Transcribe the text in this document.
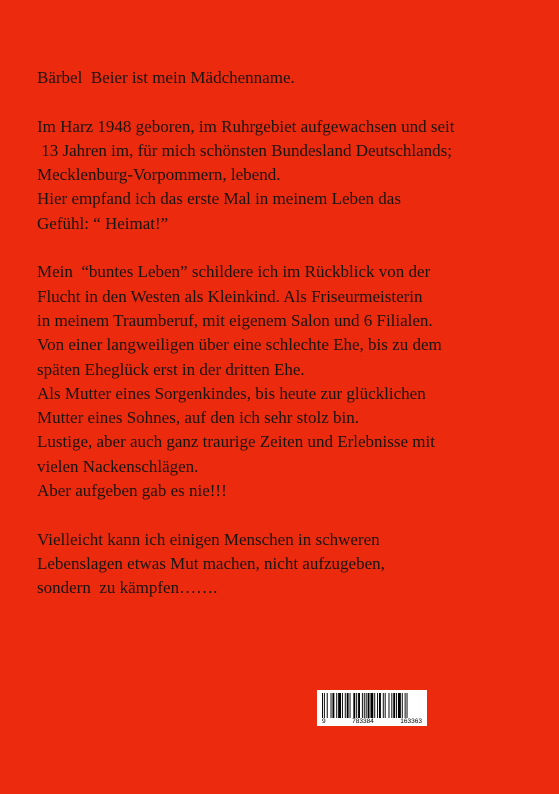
Bärbel  Beier ist mein Mädchenname.
Im Harz 1948 geboren, im Ruhrgebiet aufgewachsen und seit
13 Jahren im, für mich schönsten Bundesland Deutschlands;
Mecklenburg-Vorpommern, lebend.
Hier empfand ich das erste Mal in meinem Leben das
Gefühl: “ Heimat!”
Mein  “buntes Leben” schildere ich im Rückblick von der
Flucht in den Westen als Kleinkind. Als Friseurmeisterin
in meinem Traumberuf, mit eigenem Salon und 6 Filialen.
Von einer langweiligen über eine schlechte Ehe, bis zu dem
späten Eheglück erst in der dritten Ehe.
Als Mutter eines Sorgenkindes, bis heute zur glücklichen
Mutter eines Sohnes, auf den ich sehr stolz bin.
Lustige, aber auch ganz traurige Zeiten und Erlebnisse mit
vielen Nackenschlägen.
Aber aufgeben gab es nie!!!
Vielleicht kann ich einigen Menschen in schweren
Lebenslagen etwas Mut machen, nicht aufzugeben,
sondern  zu kämpfen…….
9	783384	163363
